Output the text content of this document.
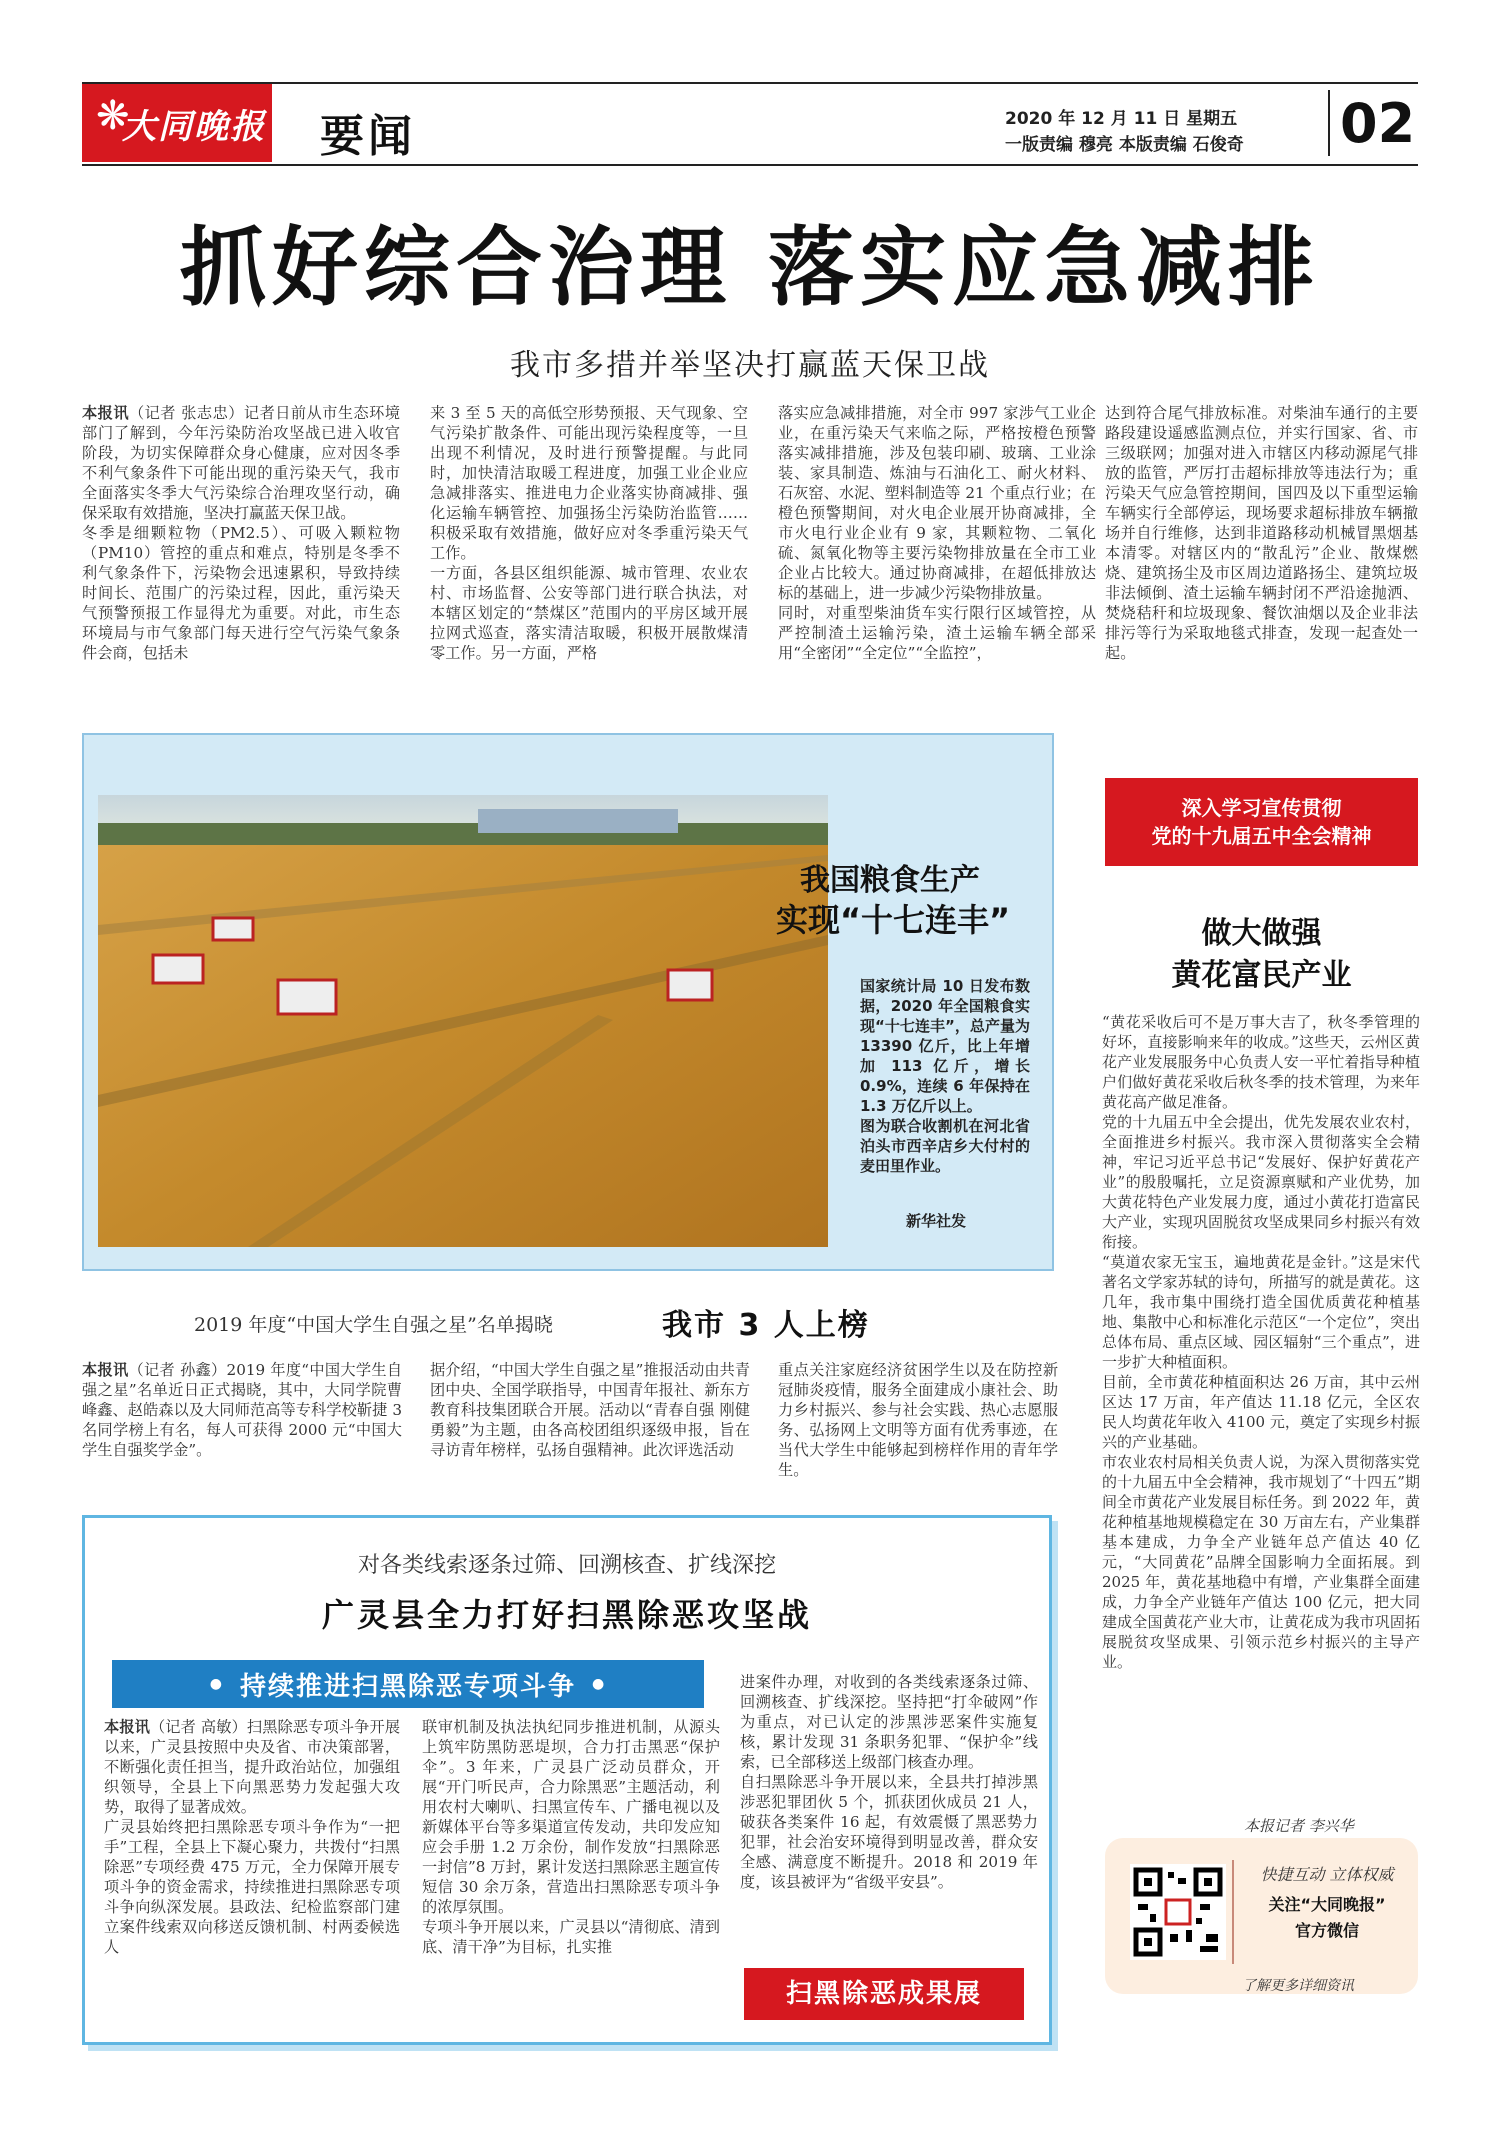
❋
大同晚报 要闻	2020 年 12 月 11 日 星期五
一版责编 穆亮 本版责编 石俊奇 02
抓好综合治理 落实应急减排
我市多措并举坚决打赢蓝天保卫战
本报讯（记者 张志忠）记者日前从市生态环境部门了解到，今年污染防治攻坚战已进入收官阶段，为切实保障群众身心健康，应对因冬季不利气象条件下可能出现的重污染天气，我市全面落实冬季大气污染综合治理攻坚行动，确保采取有效措施，坚决打赢蓝天保卫战。
冬季是细颗粒物（PM2.5）、可吸入颗粒物（PM10）管控的重点和难点，特别是冬季不利气象条件下，污染物会迅速累积，导致持续时间长、范围广的污染过程，因此，重污染天气预警预报工作显得尤为重要。对此，市生态环境局与市气象部门每天进行空气污染气象条件会商，包括未
来 3 至 5 天的高低空形势预报、天气现象、空气污染扩散条件、可能出现污染程度等，一旦出现不利情况，及时进行预警提醒。与此同时，加快清洁取暖工程进度，加强工业企业应急减排落实、推进电力企业落实协商减排、强化运输车辆管控、加强扬尘污染防治监管……积极采取有效措施，做好应对冬季重污染天气工作。
一方面，各县区组织能源、城市管理、农业农村、市场监督、公安等部门进行联合执法，对本辖区划定的“禁煤区”范围内的平房区域开展拉网式巡查，落实清洁取暖，积极开展散煤清零工作。另一方面，严格
落实应急减排措施，对全市 997 家涉气工业企业，在重污染天气来临之际，严格按橙色预警落实减排措施，涉及包装印刷、玻璃、工业涂装、家具制造、炼油与石油化工、耐火材料、石灰窑、水泥、塑料制造等 21 个重点行业；在橙色预警期间，对火电企业展开协商减排，全市火电行业企业有 9 家，其颗粒物、二氧化硫、氮氧化物等主要污染物排放量在全市工业企业占比较大。通过协商减排，在超低排放达标的基础上，进一步减少污染物排放量。
同时，对重型柴油货车实行限行区域管控，从严控制渣土运输污染，渣土运输车辆全部采用“全密闭”“全定位”“全监控”，
达到符合尾气排放标准。对柴油车通行的主要路段建设遥感监测点位，并实行国家、省、市三级联网；加强对进入市辖区内移动源尾气排放的监管，严厉打击超标排放等违法行为；重污染天气应急管控期间，国四及以下重型运输车辆实行全部停运，现场要求超标排放车辆撤场并自行维修，达到非道路移动机械冒黑烟基本清零。对辖区内的“散乱污”企业、散煤燃烧、建筑扬尘及市区周边道路扬尘、建筑垃圾非法倾倒、渣土运输车辆封闭不严沿途抛洒、焚烧秸秆和垃圾现象、餐饮油烟以及企业非法排污等行为采取地毯式排查，发现一起查处一起。
我国粮食生产
实现“十七连丰”
国家统计局 10 日发布数据，2020 年全国粮食实现“十七连丰”，总产量为 13390 亿斤，比上年增加 113 亿斤，增长 0.9%，连续 6 年保持在 1.3 万亿斤以上。
图为联合收割机在河北省泊头市西辛店乡大付村的麦田里作业。
新华社发
2019 年度“中国大学生自强之星”名单揭晓	我市 3 人上榜
本报讯（记者 孙鑫）2019 年度“中国大学生自强之星”名单近日正式揭晓，其中，大同学院曹峰鑫、赵皓森以及大同师范高等专科学校靳捷 3 名同学榜上有名，每人可获得 2000 元“中国大学生自强奖学金”。
据介绍，“中国大学生自强之星”推报活动由共青团中央、全国学联指导，中国青年报社、新东方教育科技集团联合开展。活动以“青春自强 刚健勇毅”为主题，由各高校团组织逐级申报，旨在寻访青年榜样，弘扬自强精神。此次评选活动
重点关注家庭经济贫困学生以及在防控新冠肺炎疫情，服务全面建成小康社会、助力乡村振兴、参与社会实践、热心志愿服务、弘扬网上文明等方面有优秀事迹，在当代大学生中能够起到榜样作用的青年学生。
深入学习宣传贯彻
党的十九届五中全会精神
做大做强
黄花富民产业
“黄花采收后可不是万事大吉了，秋冬季管理的好坏，直接影响来年的收成。”这些天，云州区黄花产业发展服务中心负责人安一平忙着指导种植户们做好黄花采收后秋冬季的技术管理，为来年黄花高产做足准备。
党的十九届五中全会提出，优先发展农业农村，全面推进乡村振兴。我市深入贯彻落实全会精神，牢记习近平总书记“发展好、保护好黄花产业”的殷殷嘱托，立足资源禀赋和产业优势，加大黄花特色产业发展力度，通过小黄花打造富民大产业，实现巩固脱贫攻坚成果同乡村振兴有效衔接。
“莫道农家无宝玉，遍地黄花是金针。”这是宋代著名文学家苏轼的诗句，所描写的就是黄花。这几年，我市集中围绕打造全国优质黄花种植基地、集散中心和标准化示范区“一个定位”，突出总体布局、重点区域、园区辐射“三个重点”，进一步扩大种植面积。
目前，全市黄花种植面积达 26 万亩，其中云州区达 17 万亩，年产值达 11.18 亿元，全区农民人均黄花年收入 4100 元，奠定了实现乡村振兴的产业基础。
市农业农村局相关负责人说，为深入贯彻落实党的十九届五中全会精神，我市规划了“十四五”期间全市黄花产业发展目标任务。到 2022 年，黄花种植基地规模稳定在 30 万亩左右，产业集群基本建成，力争全产业链年总产值达 40 亿元，“大同黄花”品牌全国影响力全面拓展。到 2025 年，黄花基地稳中有增，产业集群全面建成，力争全产业链年产值达 100 亿元，把大同建成全国黄花产业大市，让黄花成为我市巩固拓展脱贫攻坚成果、引领示范乡村振兴的主导产业。
本报记者 李兴华
快捷互动 立体权威
关注“大同晚报”
官方微信
了解更多详细资讯
对各类线索逐条过筛、回溯核查、扩线深挖
广灵县全力打好扫黑除恶攻坚战
● 持续推进扫黑除恶专项斗争 ●
本报讯（记者 高敏）扫黑除恶专项斗争开展以来，广灵县按照中央及省、市决策部署，不断强化责任担当，提升政治站位，加强组织领导，全县上下向黑恶势力发起强大攻势，取得了显著成效。
广灵县始终把扫黑除恶专项斗争作为“一把手”工程，全县上下凝心聚力，共拨付“扫黑除恶”专项经费 475 万元，全力保障开展专项斗争的资金需求，持续推进扫黑除恶专项斗争向纵深发展。县政法、纪检监察部门建立案件线索双向移送反馈机制、村两委候选人
联审机制及执法执纪同步推进机制，从源头上筑牢防黑防恶堤坝，合力打击黑恶“保护伞”。3 年来，广灵县广泛动员群众，开展“开门听民声，合力除黑恶”主题活动，利用农村大喇叭、扫黑宣传车、广播电视以及新媒体平台等多渠道宣传发动，共印发应知应会手册 1.2 万余份，制作发放“扫黑除恶一封信”8 万封，累计发送扫黑除恶主题宣传短信 30 余万条，营造出扫黑除恶专项斗争的浓厚氛围。
专项斗争开展以来，广灵县以“清彻底、清到底、清干净”为目标，扎实推
进案件办理，对收到的各类线索逐条过筛、回溯核查、扩线深挖。坚持把“打伞破网”作为重点，对已认定的涉黑涉恶案件实施复核，累计发现 31 条职务犯罪、“保护伞”线索，已全部移送上级部门核查办理。
自扫黑除恶斗争开展以来，全县共打掉涉黑涉恶犯罪团伙 5 个，抓获团伙成员 21 人，破获各类案件 16 起，有效震慑了黑恶势力犯罪，社会治安环境得到明显改善，群众安全感、满意度不断提升。2018 和 2019 年度，该县被评为“省级平安县”。
扫黑除恶成果展
